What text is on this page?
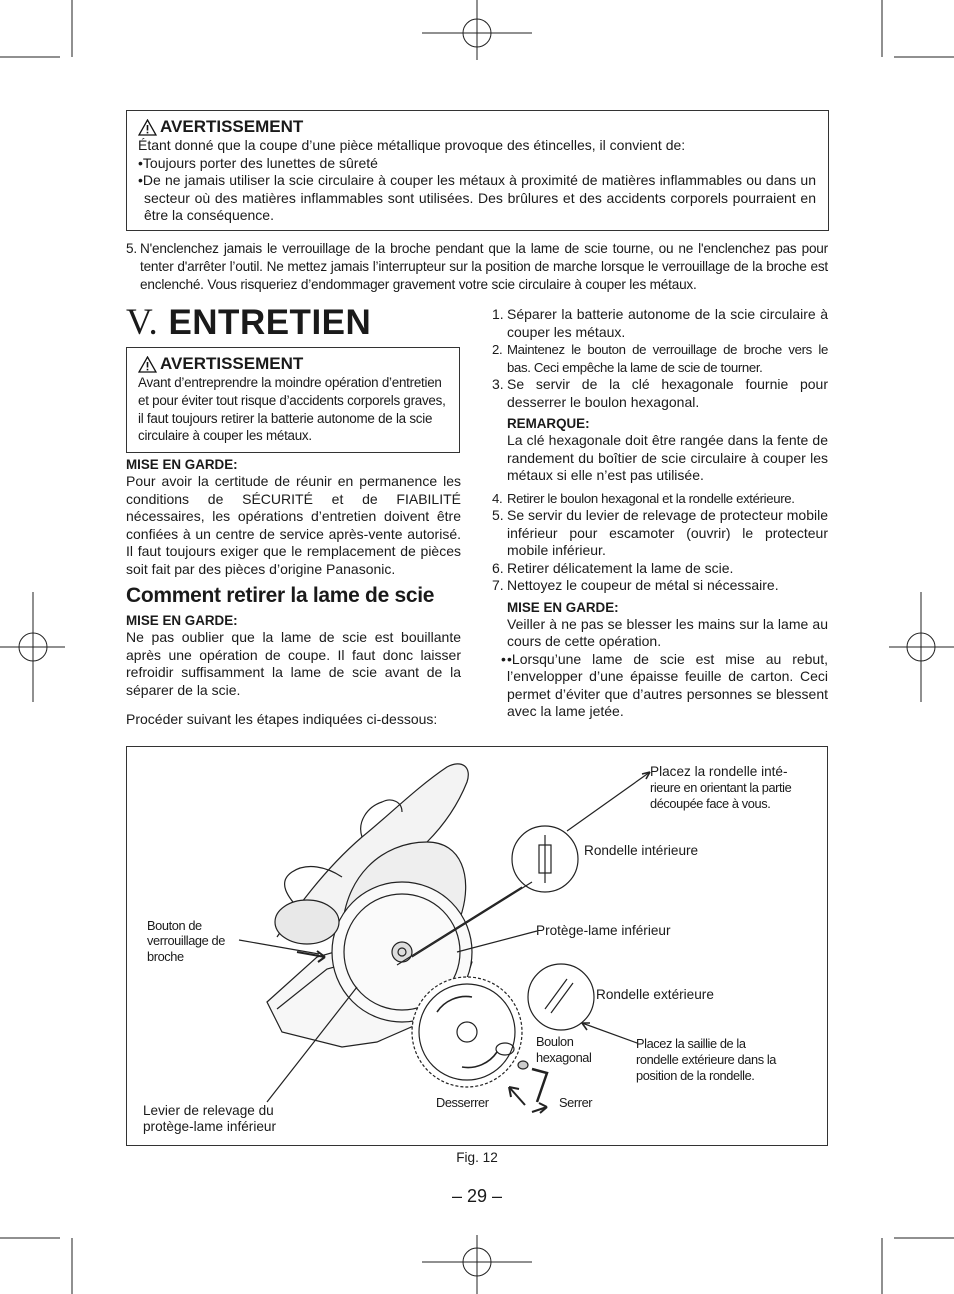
AVERTISSEMENT
Étant donné que la coupe d’une pièce métallique provoque des étincelles, il convient de:
•Toujours porter des lunettes de sûreté
•De ne jamais utiliser la scie circulaire à couper les métaux à proximité de matières inflammables ou dans un secteur où des matières inflammables sont utilisées. Des brûlures et des accidents corporels pourraient en être la conséquence.
5. N'enclenchez jamais le verrouillage de la broche pendant que la lame de scie tourne, ou ne l'enclenchez pas pour tenter d'arrêter l’outil. Ne mettez jamais l’interrupteur sur la position de marche lorsque le verrouillage de la broche est enclenché. Vous risqueriez d’endommager gravement votre scie circulaire à couper les métaux.
V. ENTRETIEN
AVERTISSEMENT
Avant d’entreprendre la moindre opération d’entretien et pour éviter tout risque d’accidents corporels graves, il faut toujours retirer la batterie autonome de la scie circulaire à couper les métaux.
MISE EN GARDE:
Pour avoir la certitude de réunir en permanence les conditions de SÉCURITÉ et de FIABILITÉ nécessaires, les opérations d’entretien doivent être confiées à un centre de service après-vente autorisé. Il faut toujours exiger que le remplacement de pièces soit fait par des pièces d’origine Panasonic.
Comment retirer la lame de scie
MISE EN GARDE:
Ne pas oublier que la lame de scie est bouillante après une opération de coupe. Il faut donc laisser refroidir suffisamment la lame de scie avant de la séparer de la scie.
Procéder suivant les étapes indiquées ci-dessous:
1. Séparer la batterie autonome de la scie circulaire à couper les métaux.
2. Maintenez le bouton de verrouillage de broche vers le bas. Ceci empêche la lame de scie de tourner.
3. Se servir de la clé hexagonale fournie pour desserrer le boulon hexagonal.
REMARQUE:
La clé hexagonale doit être rangée dans la fente de randement du boîtier de scie circulaire à couper les métaux si elle n’est pas utilisée.
4. Retirer le boulon hexagonal et la rondelle extérieure.
5. Se servir du levier de relevage de protecteur mobile inférieur pour escamoter (ouvrir) le protecteur mobile inférieur.
6. Retirer délicatement la lame de scie.
7. Nettoyez le coupeur de métal si nécessaire.
MISE EN GARDE:
Veiller à ne pas se blesser les mains sur la lame au cours de cette opération.
• •Lorsqu’une lame de scie est mise au rebut, l’envelopper d’une épaisse feuille de carton. Ceci permet d’éviter que d’autres personnes se blessent avec la lame jetée.
Placez la rondelle inté-
rieure en orientant la partie
découpée face à vous.
Rondelle intérieure
Bouton de
verrouillage de
broche
Protège-lame inférieur
Rondelle extérieure
Boulon
hexagonal
Placez la saillie de la
rondelle extérieure dans la
position de la rondelle.
Desserrer	Serrer
Levier de relevage du
protège-lame inférieur
Fig. 12
– 29 –
